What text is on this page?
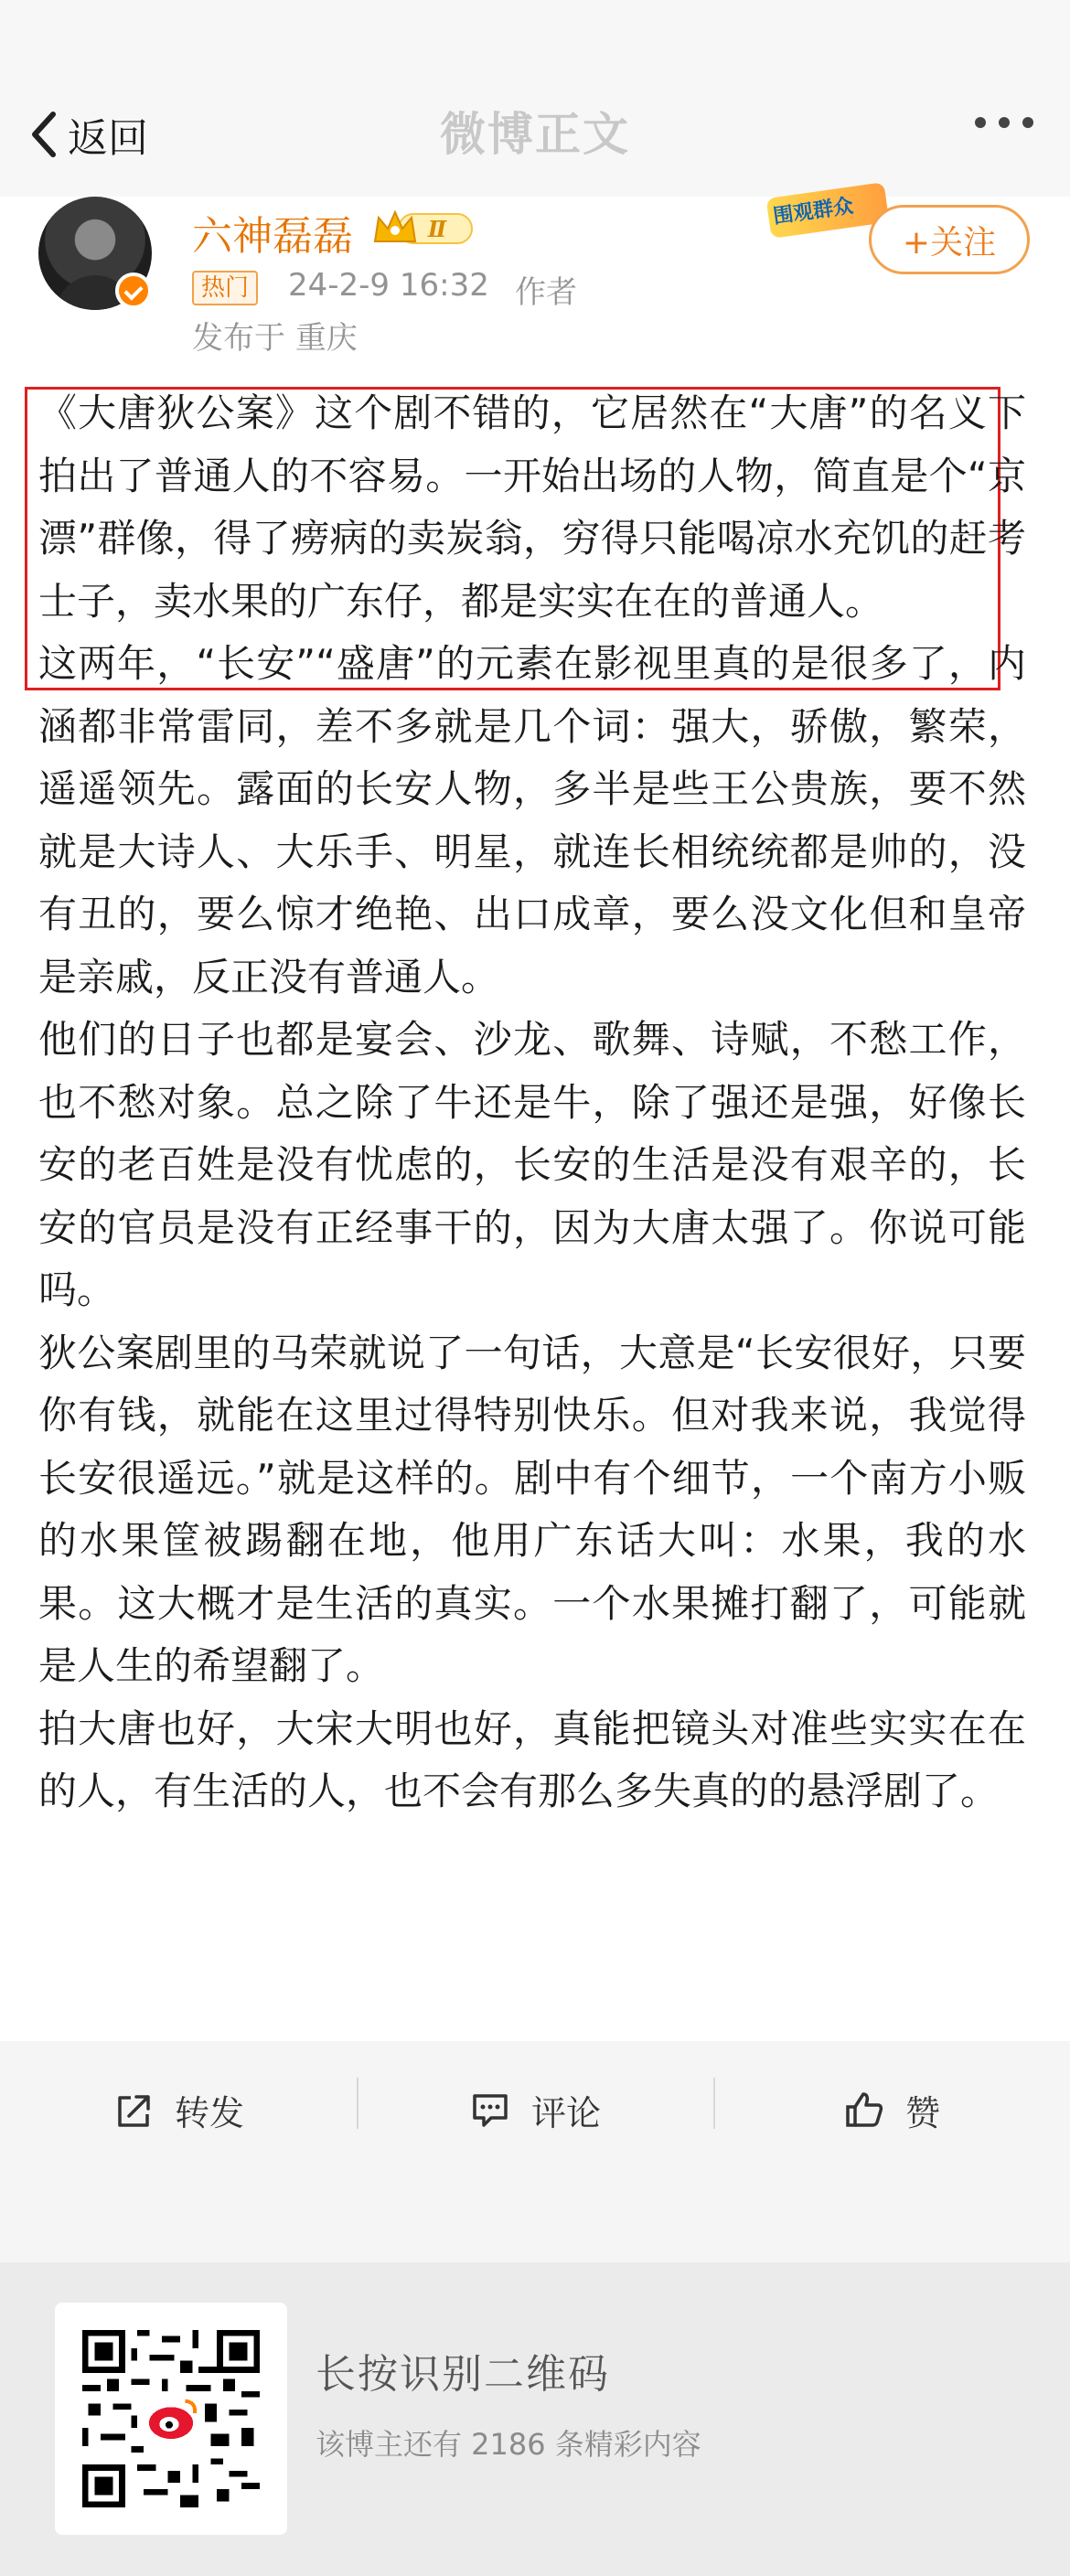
返回	微博正文
六神磊磊	Ⅱ
热门 24-2-9 16:32 作者
发布于 重庆
围观群众
+关注

《大唐狄公案》这个剧不错的，它居然在“大唐”的名义下拍出了普通人的不容易。一开始出场的人物，简直是个“京漂”群像，得了痨病的卖炭翁，穷得只能喝凉水充饥的赶考士子，卖水果的广东仔，都是实实在在的普通人。

这两年，“长安”“盛唐”的元素在影视里真的是很多了，内涵都非常雷同，差不多就是几个词：强大，骄傲，繁荣，遥遥领先。露面的长安人物，多半是些王公贵族，要不然就是大诗人、大乐手、明星，就连长相统统都是帅的，没有丑的，要么惊才绝艳、出口成章，要么没文化但和皇帝是亲戚，反正没有普通人。

他们的日子也都是宴会、沙龙、歌舞、诗赋，不愁工作，也不愁对象。总之除了牛还是牛，除了强还是强，好像长安的老百姓是没有忧虑的，长安的生活是没有艰辛的，长安的官员是没有正经事干的，因为大唐太强了。你说可能吗。

狄公案剧里的马荣就说了一句话，大意是“长安很好，只要你有钱，就能在这里过得特别快乐。但对我来说，我觉得长安很遥远。”就是这样的。剧中有个细节，一个南方小贩的水果筐被踢翻在地，他用广东话大叫：水果，我的水果。这大概才是生活的真实。一个水果摊打翻了，可能就是人生的希望翻了。

拍大唐也好，大宋大明也好，真能把镜头对准些实实在在的人，有生活的人，也不会有那么多失真的的悬浮剧了。

转发	评论	赞
长按识别二维码
该博主还有 2186 条精彩内容
